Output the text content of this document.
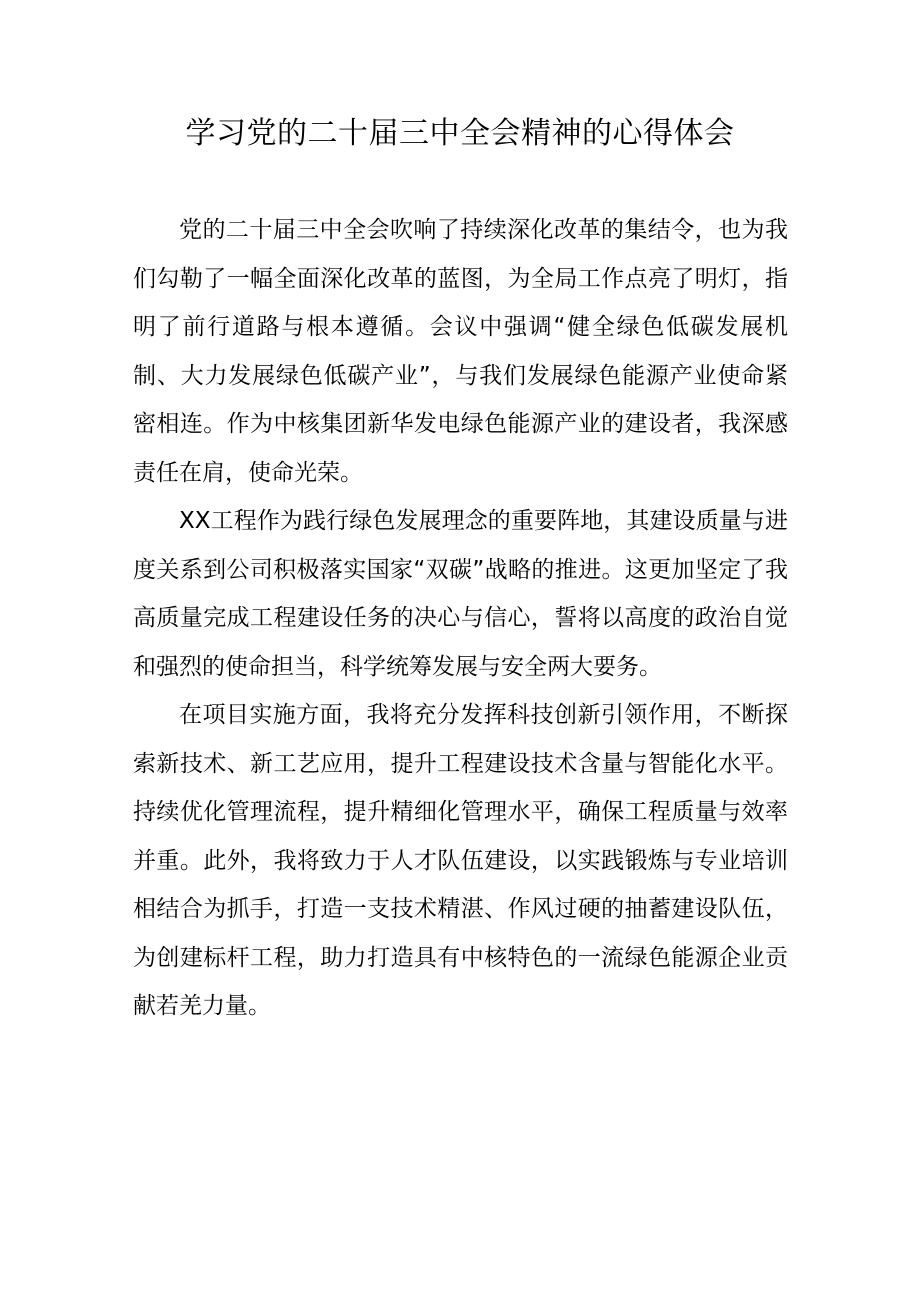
学习党的二十届三中全会精神的心得体会

党的二十届三中全会吹响了持续深化改革的集结令，也为我们勾勒了一幅全面深化改革的蓝图，为全局工作点亮了明灯，指明了前行道路与根本遵循。会议中强调“健全绿色低碳发展机制、大力发展绿色低碳产业”，与我们发展绿色能源产业使命紧密相连。作为中核集团新华发电绿色能源产业的建设者，我深感责任在肩，使命光荣。

XX工程作为践行绿色发展理念的重要阵地，其建设质量与进度关系到公司积极落实国家“双碳”战略的推进。这更加坚定了我高质量完成工程建设任务的决心与信心，誓将以高度的政治自觉和强烈的使命担当，科学统筹发展与安全两大要务。

在项目实施方面，我将充分发挥科技创新引领作用，不断探索新技术、新工艺应用，提升工程建设技术含量与智能化水平。持续优化管理流程，提升精细化管理水平，确保工程质量与效率并重。此外，我将致力于人才队伍建设，以实践锻炼与专业培训相结合为抓手，打造一支技术精湛、作风过硬的抽蓄建设队伍，为创建标杆工程，助力打造具有中核特色的一流绿色能源企业贡献若羌力量。
